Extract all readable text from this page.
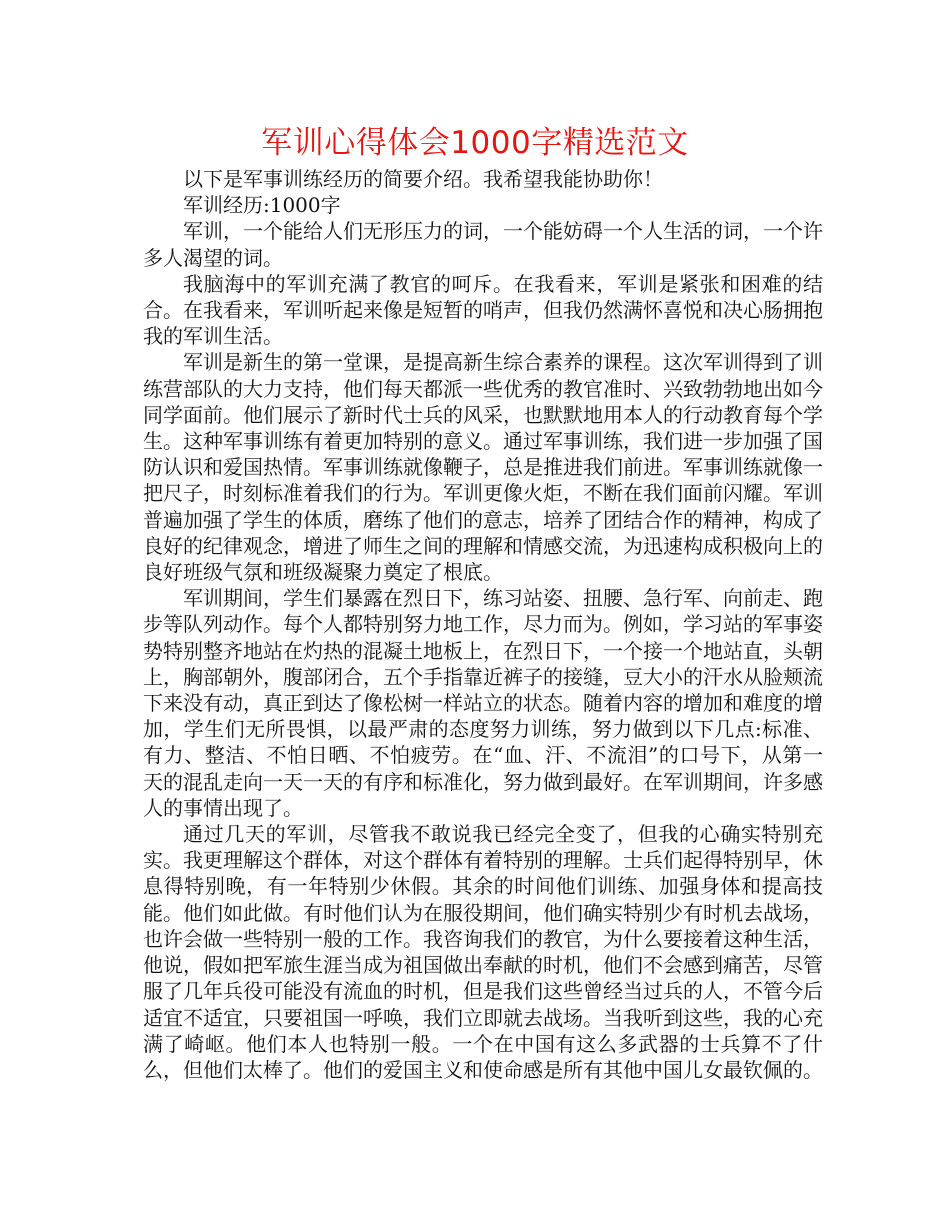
军训心得体会1000字精选范文

以下是军事训练经历的简要介绍。我希望我能协助你！

军训经历:1000字

军训，一个能给人们无形压力的词，一个能妨碍一个人生活的词，一个许多人渴望的词。

我脑海中的军训充满了教官的呵斥。在我看来，军训是紧张和困难的结合。在我看来，军训听起来像是短暂的哨声，但我仍然满怀喜悦和决心肠拥抱我的军训生活。

军训是新生的第一堂课，是提高新生综合素养的课程。这次军训得到了训练营部队的大力支持，他们每天都派一些优秀的教官准时、兴致勃勃地出如今同学面前。他们展示了新时代士兵的风采，也默默地用本人的行动教育每个学生。这种军事训练有着更加特别的意义。通过军事训练，我们进一步加强了国防认识和爱国热情。军事训练就像鞭子，总是推进我们前进。军事训练就像一把尺子，时刻标准着我们的行为。军训更像火炬，不断在我们面前闪耀。军训普遍加强了学生的体质，磨练了他们的意志，培养了团结合作的精神，构成了良好的纪律观念，增进了师生之间的理解和情感交流，为迅速构成积极向上的良好班级气氛和班级凝聚力奠定了根底。

军训期间，学生们暴露在烈日下，练习站姿、扭腰、急行军、向前走、跑步等队列动作。每个人都特别努力地工作，尽力而为。例如，学习站的军事姿势特别整齐地站在灼热的混凝土地板上，在烈日下，一个接一个地站直，头朝上，胸部朝外，腹部闭合，五个手指靠近裤子的接缝，豆大小的汗水从脸颊流下来没有动，真正到达了像松树一样站立的状态。随着内容的增加和难度的增加，学生们无所畏惧，以最严肃的态度努力训练，努力做到以下几点:标准、有力、整洁、不怕日晒、不怕疲劳。在“血、汗、不流泪”的口号下，从第一天的混乱走向一天一天的有序和标准化，努力做到最好。在军训期间，许多感人的事情出现了。

通过几天的军训，尽管我不敢说我已经完全变了，但我的心确实特别充实。我更理解这个群体，对这个群体有着特别的理解。士兵们起得特别早，休息得特别晚，有一年特别少休假。其余的时间他们训练、加强身体和提高技能。他们如此做。有时他们认为在服役期间，他们确实特别少有时机去战场，也许会做一些特别一般的工作。我咨询我们的教官，为什么要接着这种生活，他说，假如把军旅生涯当成为祖国做出奉献的时机，他们不会感到痛苦，尽管服了几年兵役可能没有流血的时机，但是我们这些曾经当过兵的人，不管今后适宜不适宜，只要祖国一呼唤，我们立即就去战场。当我听到这些，我的心充满了崎岖。他们本人也特别一般。一个在中国有这么多武器的士兵算不了什么，但他们太棒了。他们的爱国主义和使命感是所有其他中国儿女最钦佩的。
